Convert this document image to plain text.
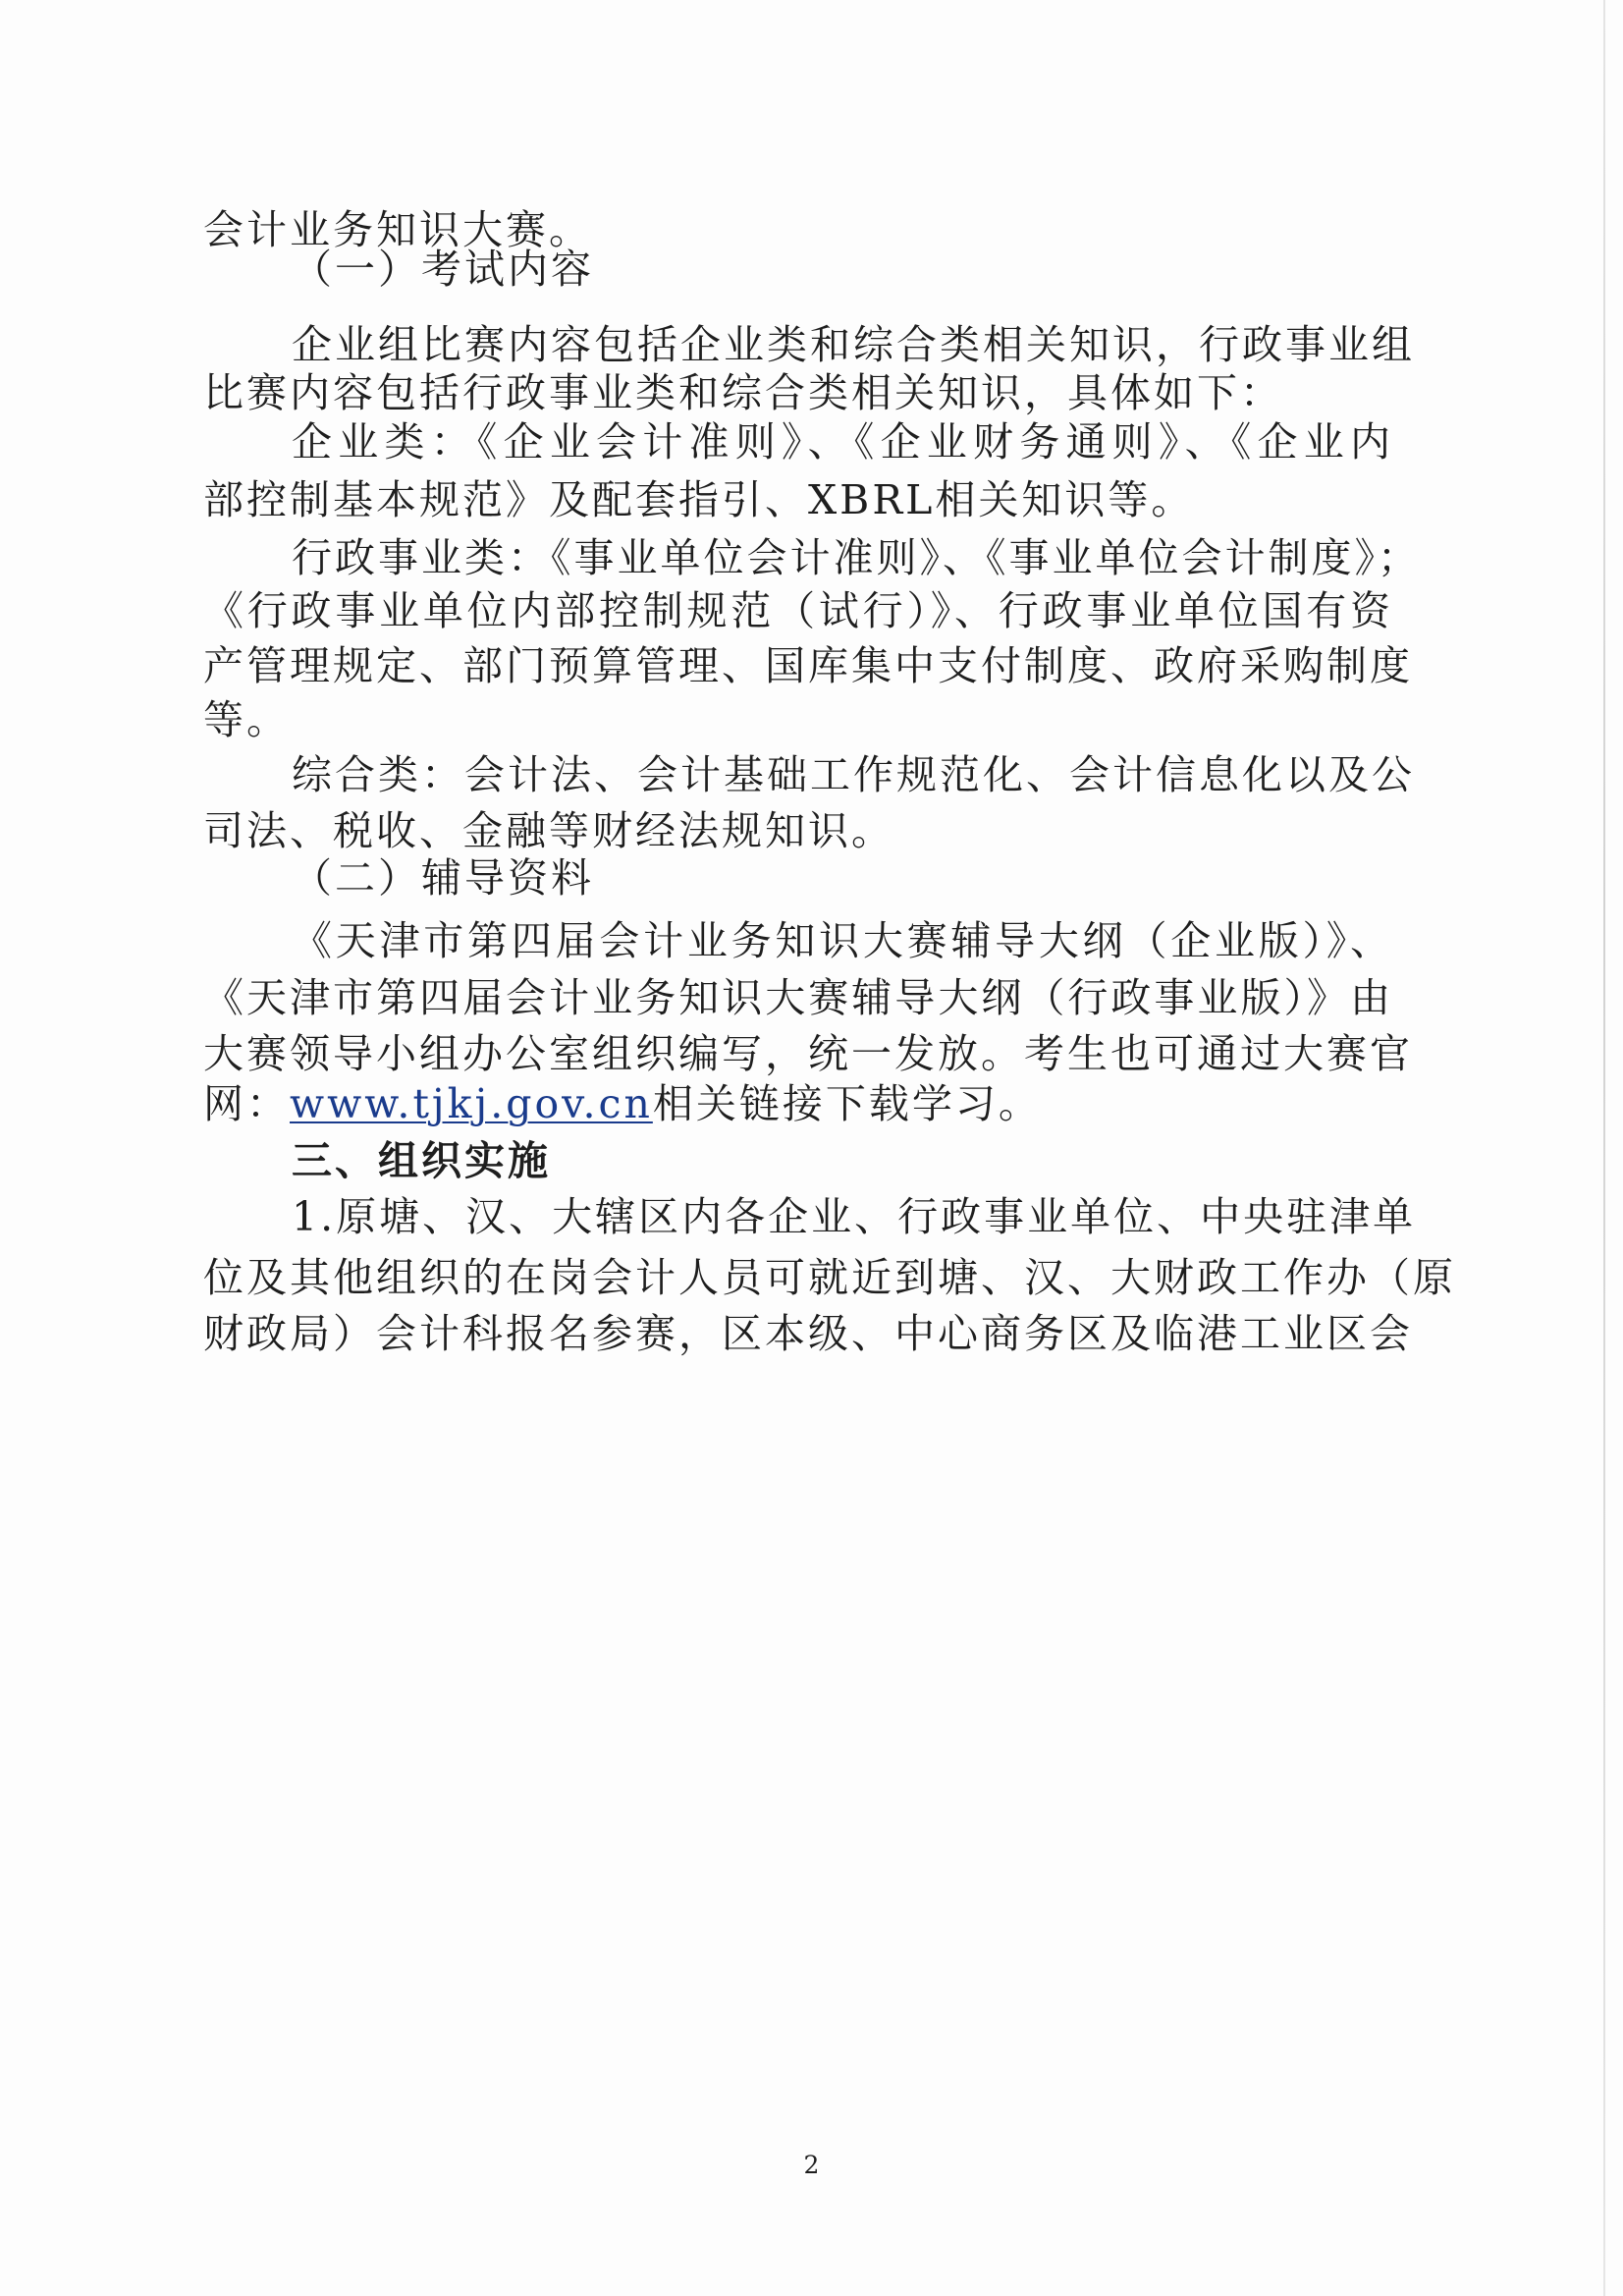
会计业务知识大赛。

（一）考试内容

企业组比赛内容包括企业类和综合类相关知识，行政事业组

比赛内容包括行政事业类和综合类相关知识，具体如下：

企业类：《企业会计准则》、《企业财务通则》、《企业内

部控制基本规范》及配套指引、XBRL相关知识等。

行政事业类：《事业单位会计准则》、《事业单位会计制度》；

《行政事业单位内部控制规范（试行）》、行政事业单位国有资

产管理规定、部门预算管理、国库集中支付制度、政府采购制度

等。

综合类：会计法、会计基础工作规范化、会计信息化以及公

司法、税收、金融等财经法规知识。

（二）辅导资料

《天津市第四届会计业务知识大赛辅导大纲（企业版）》、

《天津市第四届会计业务知识大赛辅导大纲（行政事业版）》由

大赛领导小组办公室组织编写，统一发放。考生也可通过大赛官

网：www.tjkj.gov.cn相关链接下载学习。

三、组织实施

1.原塘、汉、大辖区内各企业、行政事业单位、中央驻津单

位及其他组织的在岗会计人员可就近到塘、汉、大财政工作办（原

财政局）会计科报名参赛，区本级、中心商务区及临港工业区会

2
